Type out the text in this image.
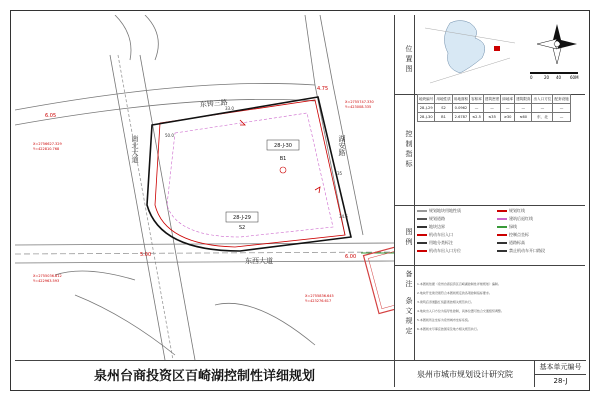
28-J-30
B1
28-J-29
S2
东铸三路
南北大道
东西大道
湖安路
6.05
4.75
5.00	6.00
34.5
50.0
33.0
35
X=2755747.330
Y=423008.335
X=2756627.329
Y=422810.768
X=2755036.812
Y=422963.593
X=2755836.645
Y=423276.617
位置图
控制指标
图例
备注
条文规定
0	20 40 60M
地块编号	用地性质	用地面积	容积率	建筑密度	绿地率	建筑限高	出入口方位	配套设施
28-J-29	S2	0.0962	—	—	—	—	—	—
28-J-30	B1	2.6787	≤2.5	≤35	≥30	≤60	东、北	—
规划地块用地性质	规划红线
规划道路	建筑后退红线
地块边界	绿线
机动车出入口	控制点坐标
用地分类标注	道路标高
机动车出入口方位	禁止机动车开口路段
1.本图则依据《泉州台商投资区百崎湖控制性详细规划》编制。
2.地块开发建设须符合本图则规定的各项控制指标要求。
3.建筑后退道路红线距离按相关规范执行。
4.地块出入口方位为指导性控制，具体位置可结合交通组织调整。
5.本图则所注坐标为泉州城市坐标系统。
6.本图则未尽事宜按国家及地方相关规范执行。
泉州台商投资区百崎湖控制性详细规划	泉州市城市规划设计研究院
基本单元编号
28-J
